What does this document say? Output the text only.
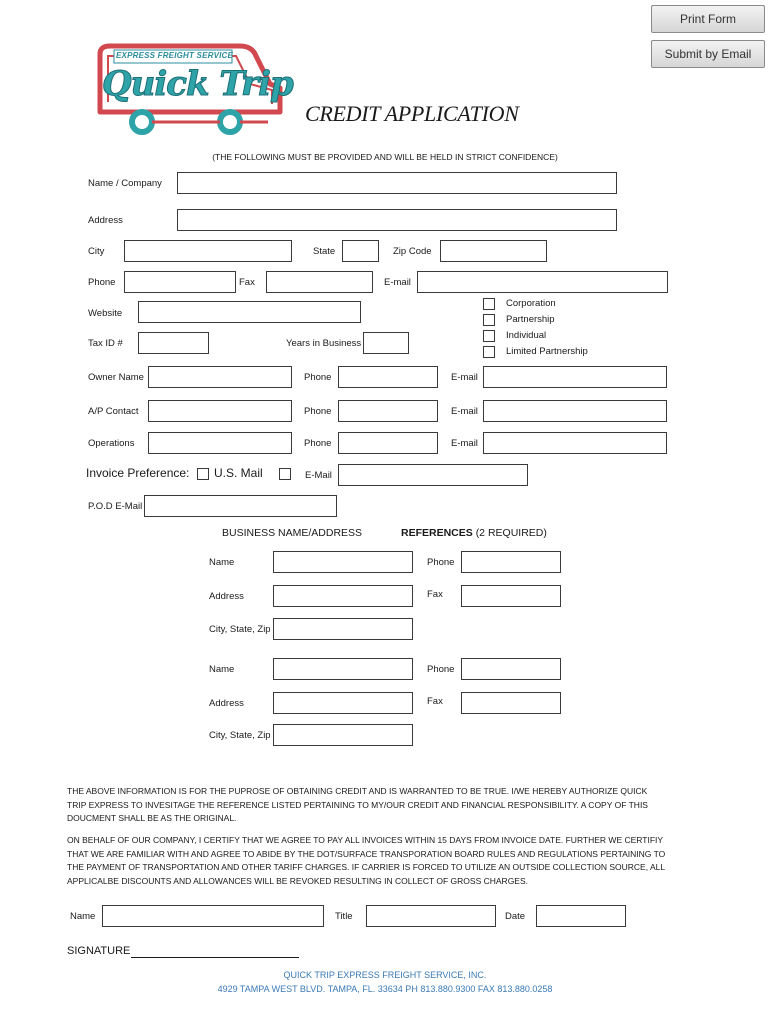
Print Form
Submit by Email
EXPRESS FREIGHT SERVICE
Quick Trip
CREDIT APPLICATION
(THE FOLLOWING MUST BE PROVIDED AND WILL BE HELD IN STRICT CONFIDENCE)
Name / Company
Address
City	State	Zip Code
Phone	Fax	E-mail
Website
Corporation
Partnership
Individual
Limited Partnership
Tax ID #	Years in Business
Owner Name	Phone	E-mail
A/P Contact	Phone	E-mail
Operations	Phone	E-mail
Invoice Preference: U.S. Mail	E-Mail
P.O.D E-Mail
BUSINESS NAME/ADDRESS	REFERENCES (2 REQUIRED)
Name	Phone
Address	Fax
City, State, Zip
Name	Phone
Address	Fax
City, State, Zip
THE ABOVE INFORMATION IS FOR THE PUPROSE OF OBTAINING CREDIT AND IS WARRANTED TO BE TRUE. I/WE HEREBY AUTHORIZE QUICK TRIP EXPRESS TO INVESITAGE THE REFERENCE LISTED PERTAINING TO MY/OUR CREDIT AND FINANCIAL RESPONSIBILITY. A COPY OF THIS DOUCMENT SHALL BE AS THE ORIGINAL.
ON BEHALF OF OUR COMPANY, I CERTIFY THAT WE AGREE TO PAY ALL INVOICES WITHIN 15 DAYS FROM INVOICE DATE. FURTHER WE CERTIFIY THAT WE ARE FAMILIAR WITH AND AGREE TO ABIDE BY THE DOT/SURFACE TRANSPORATION BOARD RULES AND REGULATIONS PERTAINING TO THE PAYMENT OF TRANSPORTATION AND OTHER TARIFF CHARGES. IF CARRIER IS FORCED TO UTILIZE AN OUTSIDE COLLECTION SOURCE, ALL APPLICALBE DISCOUNTS AND ALLOWANCES WILL BE REVOKED RESULTING IN COLLECT OF GROSS CHARGES.
Name	Title	Date
SIGNATURE
QUICK TRIP EXPRESS FREIGHT SERVICE, INC.
4929 TAMPA WEST BLVD. TAMPA, FL. 33634 PH 813.880.9300 FAX 813.880.0258
